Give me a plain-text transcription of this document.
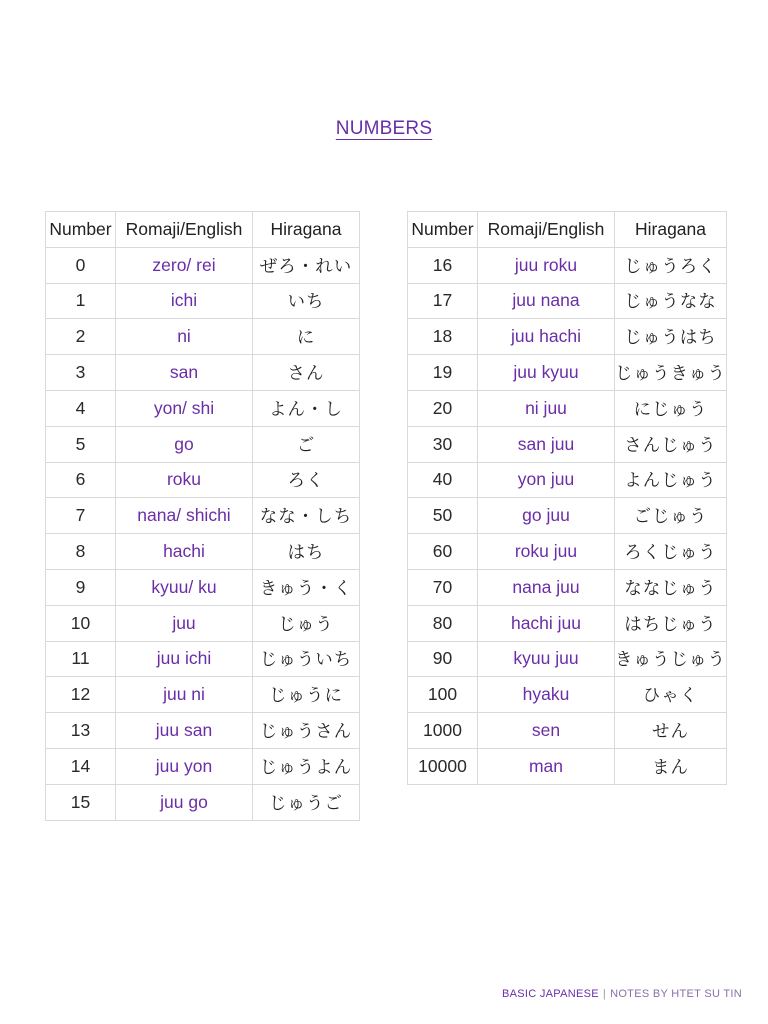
NUMBERS
Number	Romaji/English	Hiragana
0	zero/ rei	ぜろ・れい
1	ichi	いち
2	ni	に
3	san	さん
4	yon/ shi	よん・し
5	go	ご
6	roku	ろく
7	nana/ shichi	なな・しち
8	hachi	はち
9	kyuu/ ku	きゅう・く
10	juu	じゅう
11	juu ichi	じゅういち
12	juu ni	じゅうに
13	juu san	じゅうさん
14	juu yon	じゅうよん
15	juu go	じゅうご
Number	Romaji/English	Hiragana
16	juu roku	じゅうろく
17	juu nana	じゅうなな
18	juu hachi	じゅうはち
19	juu kyuu	じゅうきゅう
20	ni juu	にじゅう
30	san juu	さんじゅう
40	yon juu	よんじゅう
50	go juu	ごじゅう
60	roku juu	ろくじゅう
70	nana juu	ななじゅう
80	hachi juu	はちじゅう
90	kyuu juu	きゅうじゅう
100	hyaku	ひゃく
1000	sen	せん
10000	man	まん
BASIC JAPANESE | NOTES BY HTET SU TIN
